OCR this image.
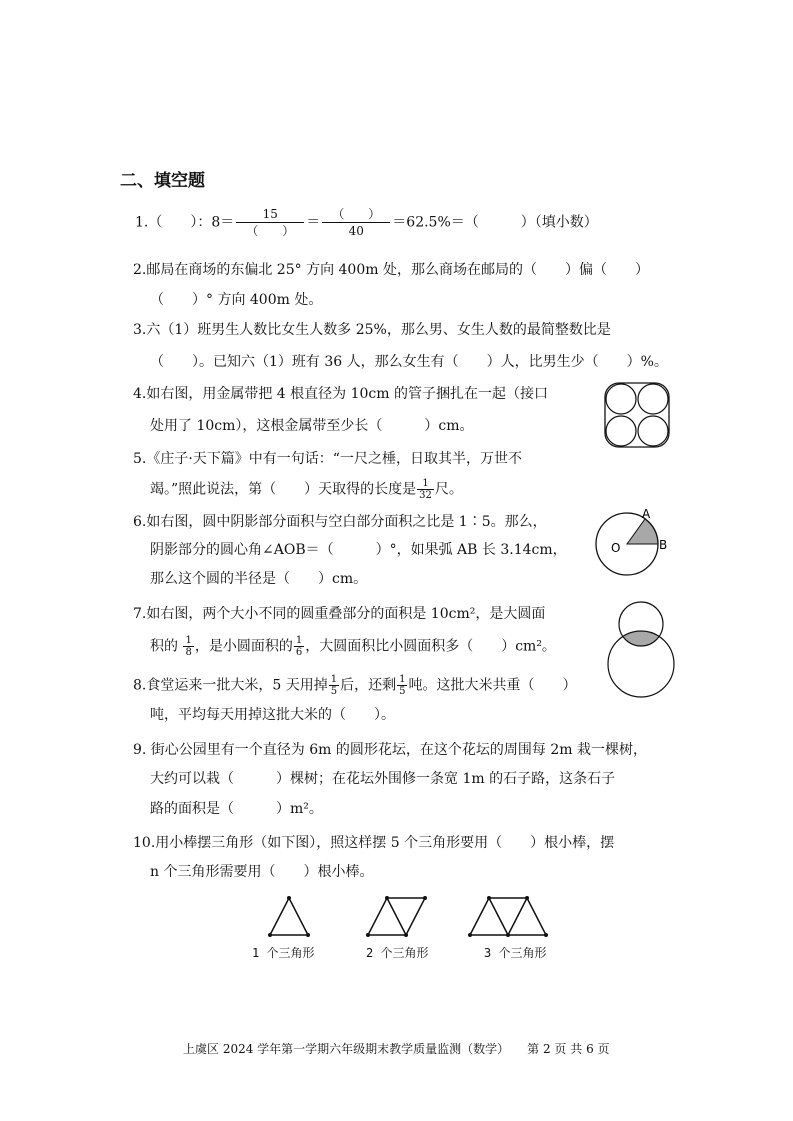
二、填空题
1.（　　）：$8= \frac{15}{( )} = \frac{( )}{40} =62.5\%=$（　　　）（填小数）
2.邮局在商场的东偏北 25° 方向 400m 处，那么商场在邮局的（　　）偏（　　）
（　　）° 方向 400m 处。
3.六（1）班男生人数比女生人数多 25%，那么男、女生人数的最简整数比是
（　　）。已知六（1）班有 36 人，那么女生有（　　）人，比男生少（　　）%。
4.如右图，用金属带把 4 根直径为 10cm 的管子捆扎在一起（接口
处用了 10cm），这根金属带至少长（　　　）cm。
5.《庄子·天下篇》中有一句话：“一尺之棰，日取其半，万世不
竭。”照此说法，第（　　）天取得的长度是 $\frac{1}{32}$ 尺。
6.如右图，圆中阴影部分面积与空白部分面积之比是 1∶5。那么，
阴影部分的圆心角∠AOB＝（　　　）°，如果弧 AB 长 3.14cm，
那么这个圆的半径是（　　）cm。
A
B
O
7.如右图，两个大小不同的圆重叠部分的面积是 10cm²，是大圆面
积的 $\frac{1}{8}$ ，是小圆面积的 $\frac{1}{6}$ ，大圆面积比小圆面积多（　　）cm²。
8.食堂运来一批大米，5 天用掉 $\frac{1}{5}$ 后，还剩 $\frac{1}{5}$ 吨。这批大米共重（　　）
吨，平均每天用掉这批大米的（　　）。
9. 街心公园里有一个直径为 6m 的圆形花坛，在这个花坛的周围每 2m 栽一棵树，
大约可以栽（　　　）棵树；在花坛外围修一条宽 1m 的石子路，这条石子
路的面积是（　　　）m²。
10.用小棒摆三角形（如下图），照这样摆 5 个三角形要用（　　）根小棒，摆
n 个三角形需要用（　　）根小棒。
1 个三角形	2 个三角形	3 个三角形
上虞区 2024 学年第一学期六年级期末教学质量监测（数学）　　第 2 页 共 6 页
